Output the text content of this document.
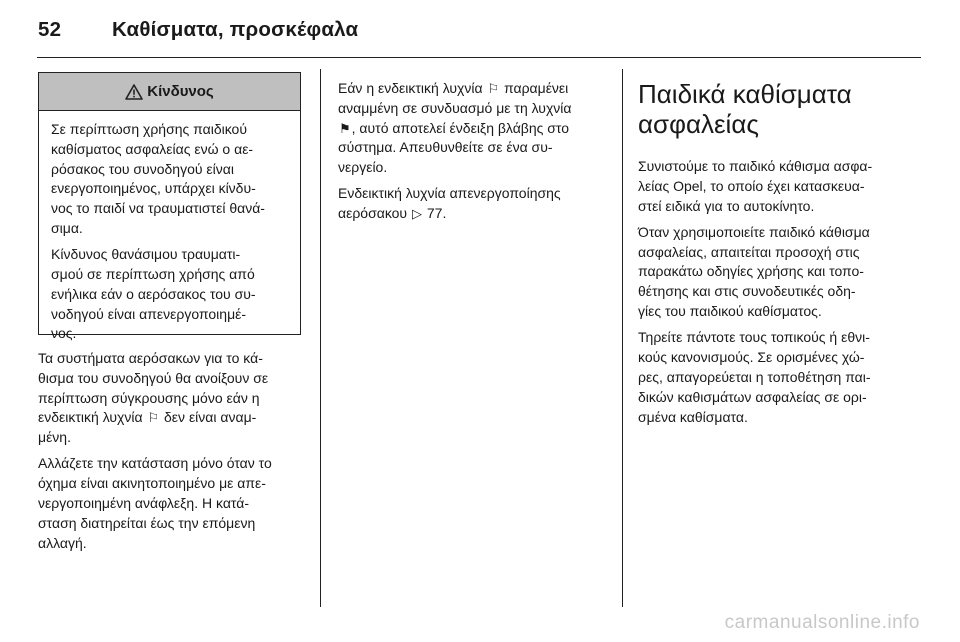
52 Καθίσματα, προσκέφαλα
Κίνδυνος

Σε περίπτωση χρήσης παιδικού
καθίσματος ασφαλείας ενώ ο αε-
ρόσακος του συνοδηγού είναι
ενεργοποιημένος, υπάρχει κίνδυ-
νος το παιδί να τραυματιστεί θανά-
σιμα.

Κίνδυνος θανάσιμου τραυματι-
σμού σε περίπτωση χρήσης από
ενήλικα εάν ο αερόσακος του συ-
νοδηγού είναι απενεργοποιημέ-
νος.

Τα συστήματα αερόσακων για το κά-
θισμα του συνοδηγού θα ανοίξουν σε
περίπτωση σύγκρουσης μόνο εάν η
ενδεικτική λυχνία ⚐ δεν είναι αναμ-
μένη.

Αλλάζετε την κατάσταση μόνο όταν το
όχημα είναι ακινητοποιημένο με απε-
νεργοποιημένη ανάφλεξη. Η κατά-
σταση διατηρείται έως την επόμενη
αλλαγή.

Εάν η ενδεικτική λυχνία ⚐ παραμένει
αναμμένη σε συνδυασμό με τη λυχνία
⚑, αυτό αποτελεί ένδειξη βλάβης στο
σύστημα. Απευθυνθείτε σε ένα συ-
νεργείο.

Ενδεικτική λυχνία απενεργοποίησης
αερόσακου ▷ 77.

Παιδικά καθίσματα
ασφαλείας

Συνιστούμε το παιδικό κάθισμα ασφα-
λείας Opel, το οποίο έχει κατασκευα-
στεί ειδικά για το αυτοκίνητο.

Όταν χρησιμοποιείτε παιδικό κάθισμα
ασφαλείας, απαιτείται προσοχή στις
παρακάτω οδηγίες χρήσης και τοπο-
θέτησης και στις συνοδευτικές οδη-
γίες του παιδικού καθίσματος.

Τηρείτε πάντοτε τους τοπικούς ή εθνι-
κούς κανονισμούς. Σε ορισμένες χώ-
ρες, απαγορεύεται η τοποθέτηση παι-
δικών καθισμάτων ασφαλείας σε ορι-
σμένα καθίσματα.

carmanualsonline.info
